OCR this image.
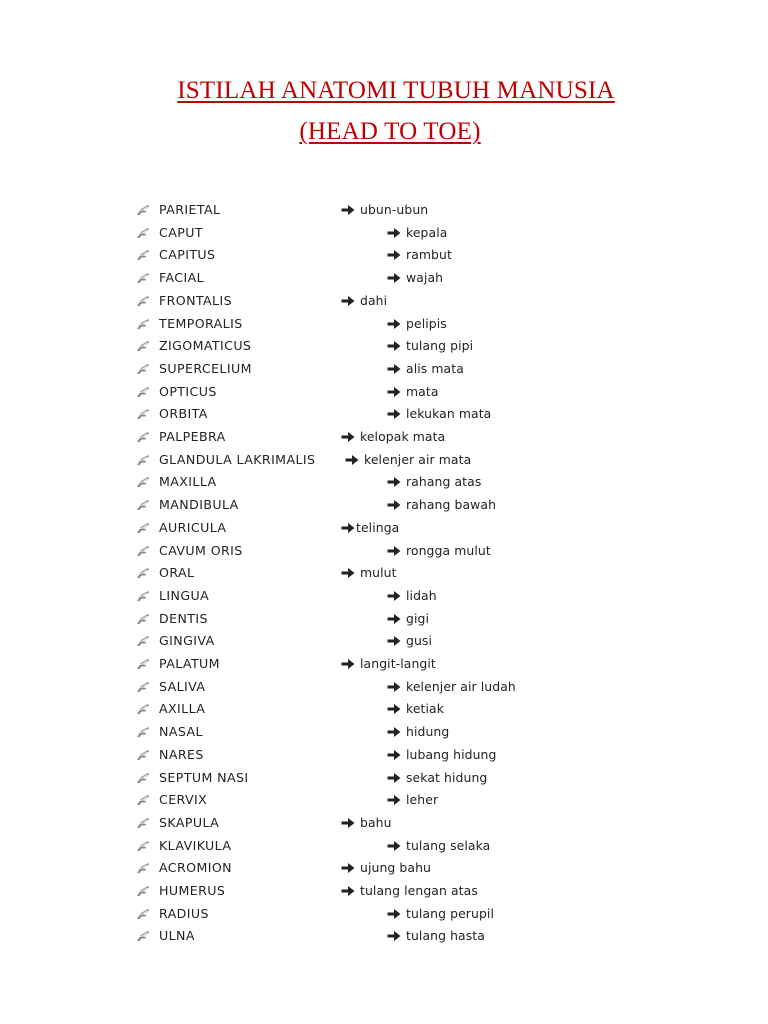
ISTILAH ANATOMI TUBUH MANUSIA
(HEAD TO TOE)
PARIETAL	ubun-ubun
CAPUT	kepala
CAPITUS	rambut
FACIAL	wajah
FRONTALIS	dahi
TEMPORALIS	pelipis
ZIGOMATICUS	tulang pipi
SUPERCELIUM	alis mata
OPTICUS	mata
ORBITA	lekukan mata
PALPEBRA	kelopak mata
GLANDULA LAKRIMALIS	kelenjer air mata
MAXILLA	rahang atas
MANDIBULA	rahang bawah
AURICULA	telinga
CAVUM ORIS	rongga mulut
ORAL	mulut
LINGUA	lidah
DENTIS	gigi
GINGIVA	gusi
PALATUM	langit-langit
SALIVA	kelenjer air ludah
AXILLA	ketiak
NASAL	hidung
NARES	lubang hidung
SEPTUM NASI	sekat hidung
CERVIX	leher
SKAPULA	bahu
KLAVIKULA	tulang selaka
ACROMION	ujung bahu
HUMERUS	tulang lengan atas
RADIUS	tulang perupil
ULNA	tulang hasta
